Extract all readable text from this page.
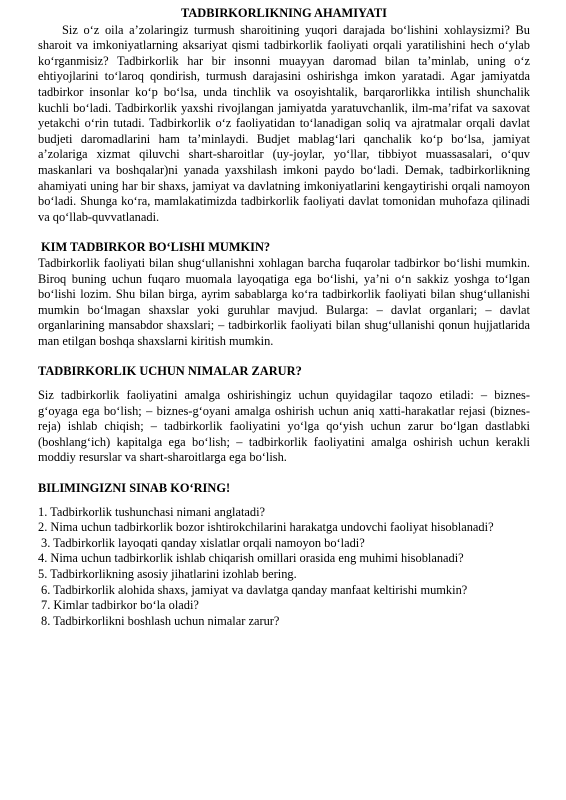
TADBIRKORLIKNING AHAMIYATI

Siz o‘z oila a’zolaringiz turmush sharoitining yuqori darajada bo‘lishini xohlaysizmi? Bu sharoit va imkoniyatlarning aksariyat qismi tadbirkorlik faoliyati orqali yaratilishini hech o‘ylab ko‘rganmisiz? Tadbirkorlik har bir insonni muayyan daromad bilan ta’minlab, uning o‘z ehtiyojlarini to‘laroq qondirish, turmush darajasini oshirishga imkon yaratadi. Agar jamiyatda tadbirkor insonlar ko‘p bo‘lsa, unda tinchlik va osoyishtalik, barqarorlikka intilish shunchalik kuchli bo‘ladi. Tadbirkorlik yaxshi rivojlangan jamiyatda yaratuvchanlik, ilm-ma’rifat va saxovat yetakchi o‘rin tutadi. Tadbirkorlik o‘z faoliyatidan to‘lanadigan soliq va ajratmalar orqali davlat budjeti daromadlarini ham ta’minlaydi. Budjet mablag‘lari qanchalik ko‘p bo‘lsa, jamiyat a’zolariga xizmat qiluvchi shart-sharoitlar (uy-joylar, yo‘llar, tibbiyot muassasalari, o‘quv maskanlari va boshqalar)ni yanada yaxshilash imkoni paydo bo‘ladi. Demak, tadbirkorlikning ahamiyati uning har bir shaxs, jamiyat va davlatning imkoniyatlarini kengaytirishi orqali namoyon bo‘ladi. Shunga ko‘ra, mamlakatimizda tadbirkorlik faoliyati davlat tomonidan muhofaza qilinadi va qo‘llab-quvvatlanadi.

KIM TADBIRKOR BO‘LISHI MUMKIN?

Tadbirkorlik faoliyati bilan shug‘ullanishni xohlagan barcha fuqarolar tadbirkor bo‘lishi mumkin. Biroq buning uchun fuqaro muomala layoqatiga ega bo‘lishi, ya’ni o‘n sakkiz yoshga to‘lgan bo‘lishi lozim. Shu bilan birga, ayrim sabablarga ko‘ra tadbirkorlik faoliyati bilan shug‘ullanishi mumkin bo‘lmagan shaxslar yoki guruhlar mavjud. Bularga: – davlat organlari; – davlat organlarining mansabdor shaxslari; – tadbirkorlik faoliyati bilan shug‘ullanishi qonun hujjatlarida man etilgan boshqa shaxslarni kiritish mumkin.

TADBIRKORLIK UCHUN NIMALAR ZARUR?

Siz tadbirkorlik faoliyatini amalga oshirishingiz uchun quyidagilar taqozo etiladi: – biznes-g‘oyaga ega bo‘lish; – biznes-g‘oyani amalga oshirish uchun aniq xatti-harakatlar rejasi (biznes-reja) ishlab chiqish; – tadbirkorlik faoliyatini yo‘lga qo‘yish uchun zarur bo‘lgan dastlabki (boshlang‘ich) kapitalga ega bo‘lish; – tadbirkorlik faoliyatini amalga oshirish uchun kerakli moddiy resurslar va shart-sharoitlarga ega bo‘lish.

BILIMINGIZNI SINAB KO‘RING!

1. Tadbirkorlik tushunchasi nimani anglatadi?

2. Nima uchun tadbirkorlik bozor ishtirokchilarini harakatga undovchi faoliyat hisoblanadi?

3. Tadbirkorlik layoqati qanday xislatlar orqali namoyon bo‘ladi?

4. Nima uchun tadbirkorlik ishlab chiqarish omillari orasida eng muhimi hisoblanadi?

5. Tadbirkorlikning asosiy jihatlarini izohlab bering.

6. Tadbirkorlik alohida shaxs, jamiyat va davlatga qanday manfaat keltirishi mumkin?

7. Kimlar tadbirkor bo‘la oladi?

8. Tadbirkorlikni boshlash uchun nimalar zarur?
